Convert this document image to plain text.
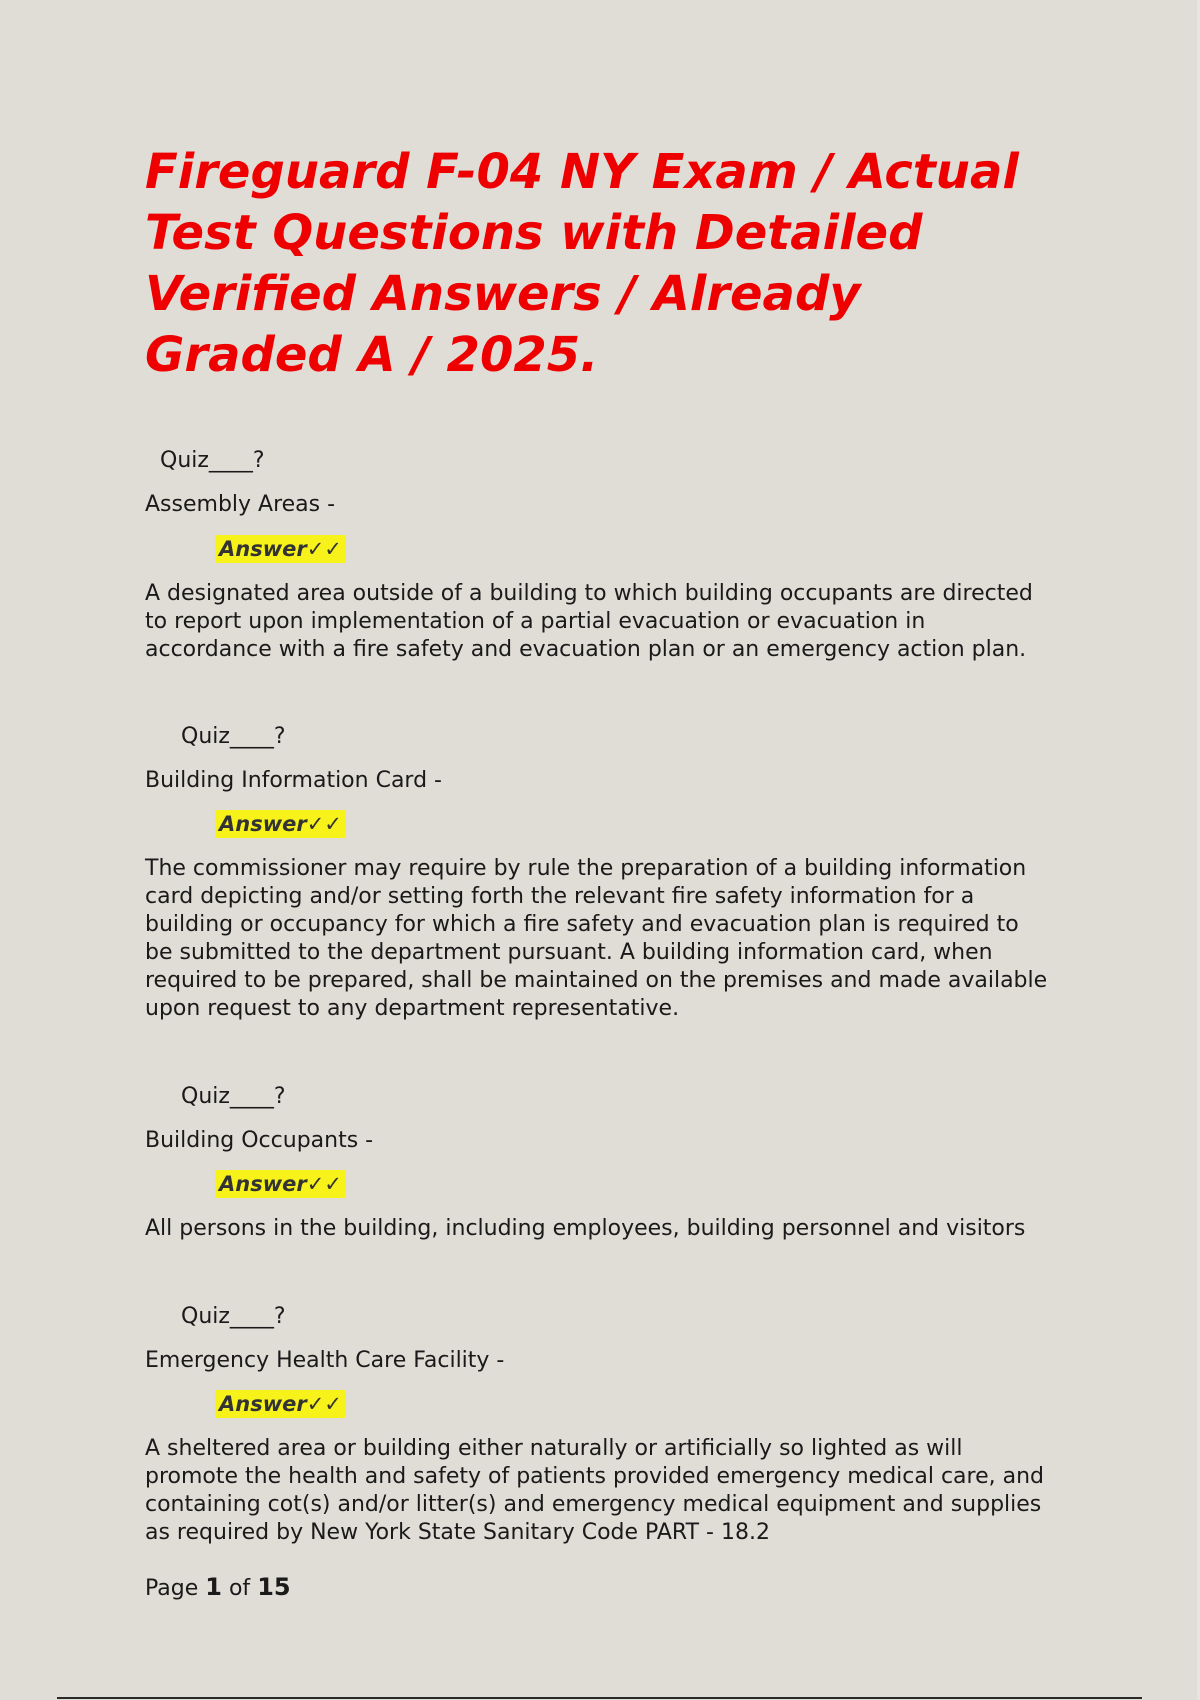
Fireguard F-04 NY Exam / Actual
Test Questions with Detailed
Verified Answers / Already
Graded A / 2025.
Quiz____?
Assembly Areas -
Answer✓✓

A designated area outside of a building to which building occupants are directed
to report upon implementation of a partial evacuation or evacuation in
accordance with a fire safety and evacuation plan or an emergency action plan.

Quiz____?
Building Information Card -
Answer✓✓

The commissioner may require by rule the preparation of a building information
card depicting and/or setting forth the relevant fire safety information for a
building or occupancy for which a fire safety and evacuation plan is required to
be submitted to the department pursuant. A building information card, when
required to be prepared, shall be maintained on the premises and made available
upon request to any department representative.

Quiz____?
Building Occupants -
Answer✓✓

All persons in the building, including employees, building personnel and visitors

Quiz____?
Emergency Health Care Facility -
Answer✓✓

A sheltered area or building either naturally or artificially so lighted as will
promote the health and safety of patients provided emergency medical care, and
containing cot(s) and/or litter(s) and emergency medical equipment and supplies
as required by New York State Sanitary Code PART - 18.2

Page 1 of 15
